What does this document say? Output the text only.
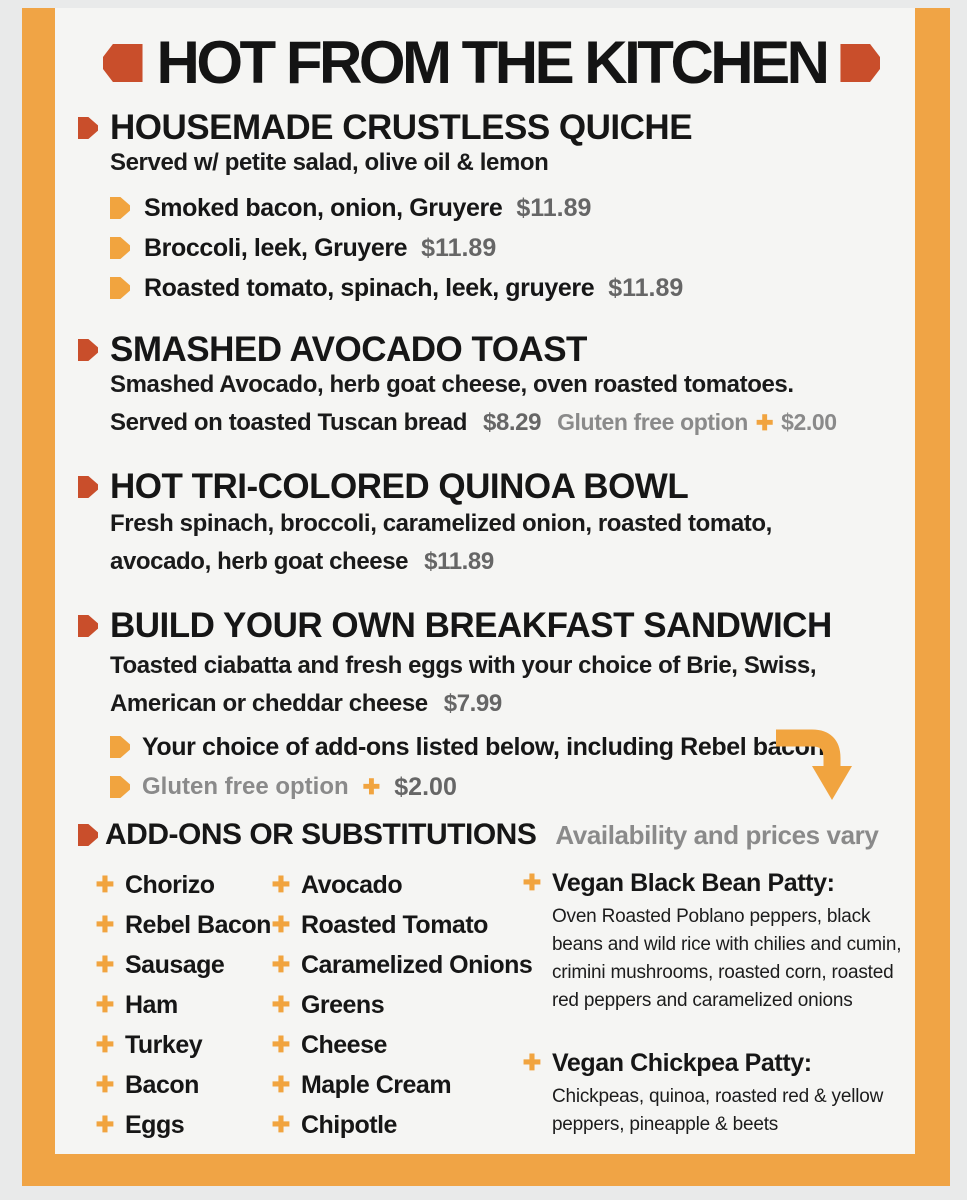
HOT FROM THE KITCHEN
HOUSEMADE CRUSTLESS QUICHE
Served w/ petite salad, olive oil & lemon
Smoked bacon, onion, Gruyere $11.89
Broccoli, leek, Gruyere $11.89
Roasted tomato, spinach, leek, gruyere $11.89
SMASHED AVOCADO TOAST
Smashed Avocado, herb goat cheese, oven roasted tomatoes.
Served on toasted Tuscan bread $8.29 Gluten free option ✚ $2.00
HOT TRI-COLORED QUINOA BOWL
Fresh spinach, broccoli, caramelized onion, roasted tomato,
avocado, herb goat cheese $11.89
BUILD YOUR OWN BREAKFAST SANDWICH
Toasted ciabatta and fresh eggs with your choice of Brie, Swiss,
American or cheddar cheese $7.99
Your choice of add-ons listed below, including Rebel bacon
Gluten free option ✚ $2.00
ADD-ONS OR SUBSTITUTIONS Availability and prices vary
✚ Chorizo
✚ Rebel Bacon
✚ Sausage
✚ Ham
✚ Turkey
✚ Bacon
✚ Eggs
✚ Avocado
✚ Roasted Tomato
✚ Caramelized Onions
✚ Greens
✚ Cheese
✚ Maple Cream
✚ Chipotle
✚ Vegan Black Bean Patty:
Oven Roasted Poblano peppers, black beans and wild rice with chilies and cumin, crimini mushrooms, roasted corn, roasted red peppers and caramelized onions
✚ Vegan Chickpea Patty:
Chickpeas, quinoa, roasted red & yellow peppers, pineapple & beets
